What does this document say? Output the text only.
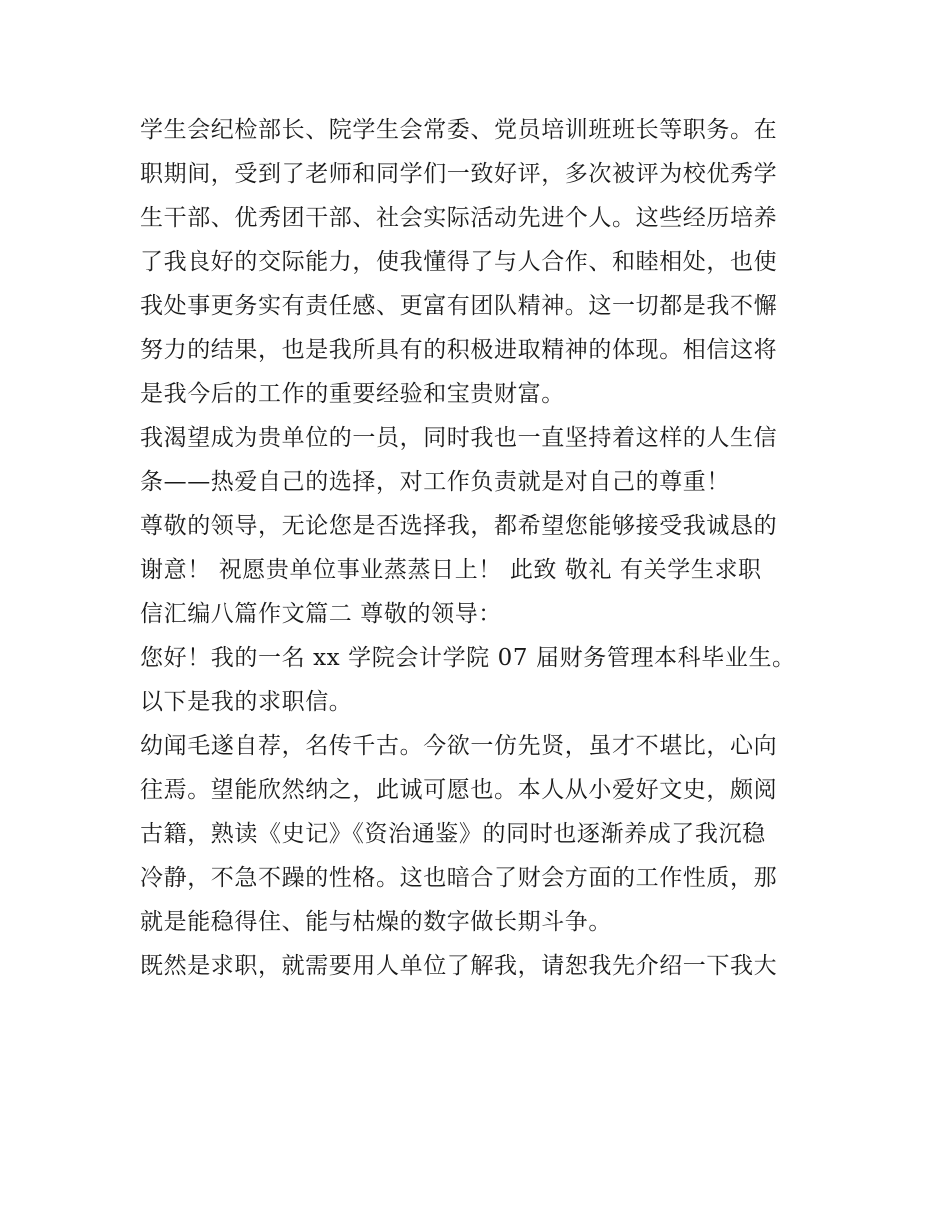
学生会纪检部长、院学生会常委、党员培训班班长等职务。在
职期间，受到了老师和同学们一致好评，多次被评为校优秀学
生干部、优秀团干部、社会实际活动先进个人。这些经历培养
了我良好的交际能力，使我懂得了与人合作、和睦相处，也使
我处事更务实有责任感、更富有团队精神。这一切都是我不懈
努力的结果，也是我所具有的积极进取精神的体现。相信这将
是我今后的工作的重要经验和宝贵财富。
我渴望成为贵单位的一员，同时我也一直坚持着这样的人生信
条——热爱自己的选择，对工作负责就是对自己的尊重！
尊敬的领导，无论您是否选择我，都希望您能够接受我诚恳的
谢意！ 祝愿贵单位事业蒸蒸日上！ 此致 敬礼 有关学生求职
信汇编八篇作文篇二 尊敬的领导：
您好！我的一名 xx 学院会计学院 07 届财务管理本科毕业生。
以下是我的求职信。
幼闻毛遂自荐，名传千古。今欲一仿先贤，虽才不堪比，心向
往焉。望能欣然纳之，此诚可愿也。本人从小爱好文史，颇阅
古籍，熟读《史记》《资治通鉴》的同时也逐渐养成了我沉稳
冷静，不急不躁的性格。这也暗合了财会方面的工作性质，那
就是能稳得住、能与枯燥的数字做长期斗争。
既然是求职，就需要用人单位了解我，请恕我先介绍一下我大
